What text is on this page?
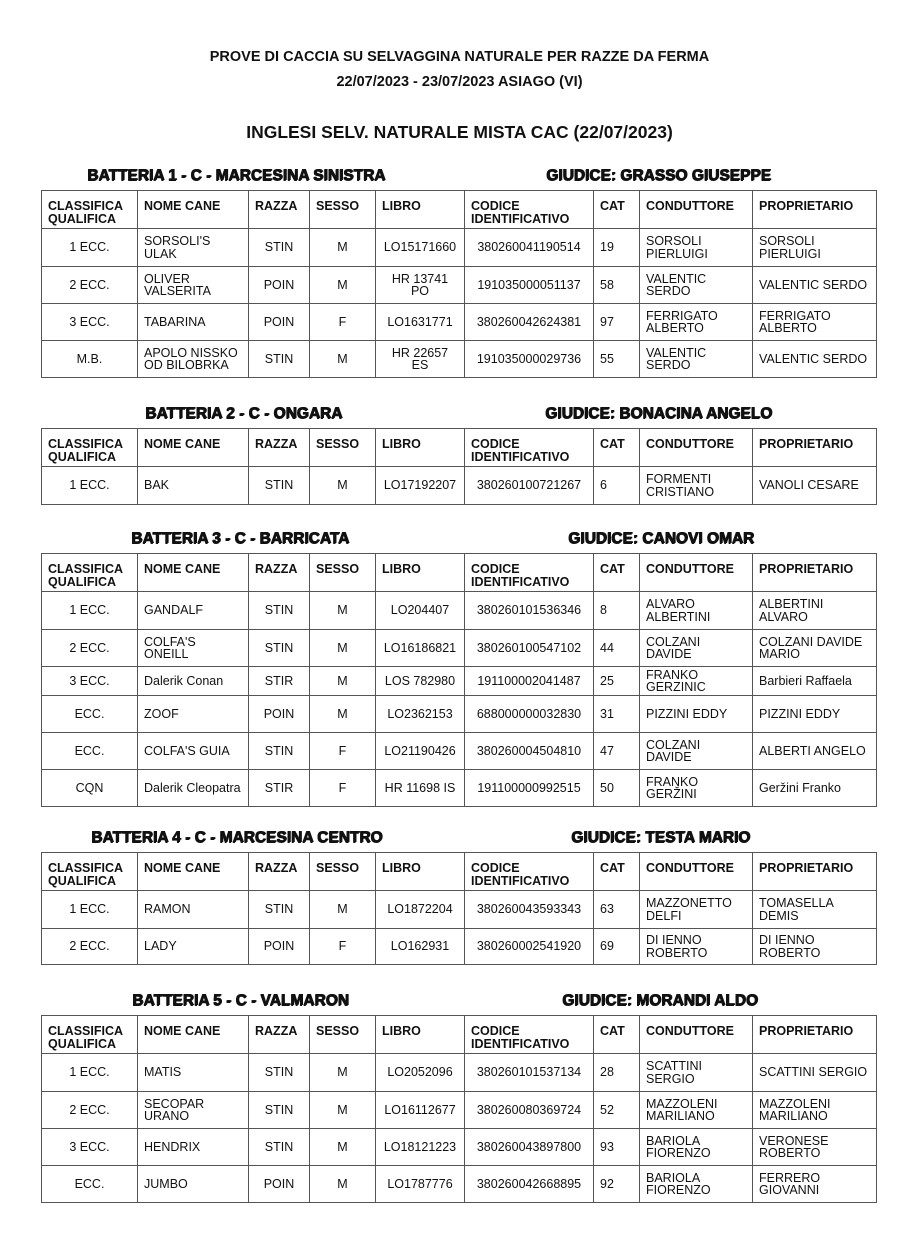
PROVE DI CACCIA SU SELVAGGINA NATURALE PER RAZZE DA FERMA
22/07/2023 - 23/07/2023 ASIAGO (VI)
INGLESI SELV. NATURALE MISTA CAC (22/07/2023)
BATTERIA 1 - C - MARCESINA SINISTRA	GIUDICE: GRASSO GIUSEPPE
CLASSIFICA QUALIFICA	NOME CANE	RAZZA	SESSO	LIBRO	CODICE IDENTIFICATIVO	CAT	CONDUTTORE	PROPRIETARIO
1 ECC.	SORSOLI'S ULAK	STIN	M	LO15171660	380260041190514	19	SORSOLI PIERLUIGI	SORSOLI PIERLUIGI
2 ECC.	OLIVER VALSERITA	POIN	M	HR 13741 PO	191035000051137	58	VALENTIC SERDO	VALENTIC SERDO
3 ECC.	TABARINA	POIN	F	LO1631771	380260042624381	97	FERRIGATO ALBERTO	FERRIGATO ALBERTO
M.B.	APOLO NISSKO OD BILOBRKA	STIN	M	HR 22657 ES	191035000029736	55	VALENTIC SERDO	VALENTIC SERDO
BATTERIA 2 - C - ONGARA	GIUDICE: BONACINA ANGELO
CLASSIFICA QUALIFICA	NOME CANE	RAZZA	SESSO	LIBRO	CODICE IDENTIFICATIVO	CAT	CONDUTTORE	PROPRIETARIO
1 ECC.	BAK	STIN	M	LO17192207	380260100721267	6	FORMENTI CRISTIANO	VANOLI CESARE
BATTERIA 3 - C - BARRICATA	GIUDICE: CANOVI OMAR
CLASSIFICA QUALIFICA	NOME CANE	RAZZA	SESSO	LIBRO	CODICE IDENTIFICATIVO	CAT	CONDUTTORE	PROPRIETARIO
1 ECC.	GANDALF	STIN	M	LO204407	380260101536346	8	ALVARO ALBERTINI	ALBERTINI ALVARO
2 ECC.	COLFA'S ONEILL	STIN	M	LO16186821	380260100547102	44	COLZANI DAVIDE	COLZANI DAVIDE MARIO
3 ECC.	Dalerik Conan	STIR	M	LOS 782980	191100002041487	25	FRANKO GERZINIC	Barbieri Raffaela
ECC.	ZOOF	POIN	M	LO2362153	688000000032830	31	PIZZINI EDDY	PIZZINI EDDY
ECC.	COLFA'S GUIA	STIN	F	LO21190426	380260004504810	47	COLZANI DAVIDE	ALBERTI ANGELO
CQN	Dalerik Cleopatra	STIR	F	HR 11698 IS	191100000992515	50	FRANKO GERŽINI	Geržini Franko
BATTERIA 4 - C - MARCESINA CENTRO	GIUDICE: TESTA MARIO
CLASSIFICA QUALIFICA	NOME CANE	RAZZA	SESSO	LIBRO	CODICE IDENTIFICATIVO	CAT	CONDUTTORE	PROPRIETARIO
1 ECC.	RAMON	STIN	M	LO1872204	380260043593343	63	MAZZONETTO DELFI	TOMASELLA DEMIS
2 ECC.	LADY	POIN	F	LO162931	380260002541920	69	DI IENNO ROBERTO	DI IENNO ROBERTO
BATTERIA 5 - C - VALMARON	GIUDICE: MORANDI ALDO
CLASSIFICA QUALIFICA	NOME CANE	RAZZA	SESSO	LIBRO	CODICE IDENTIFICATIVO	CAT	CONDUTTORE	PROPRIETARIO
1 ECC.	MATIS	STIN	M	LO2052096	380260101537134	28	SCATTINI SERGIO	SCATTINI SERGIO
2 ECC.	SECOPAR URANO	STIN	M	LO16112677	380260080369724	52	MAZZOLENI MARILIANO	MAZZOLENI MARILIANO
3 ECC.	HENDRIX	STIN	M	LO18121223	380260043897800	93	BARIOLA FIORENZO	VERONESE ROBERTO
ECC.	JUMBO	POIN	M	LO1787776	380260042668895	92	BARIOLA FIORENZO	FERRERO GIOVANNI
